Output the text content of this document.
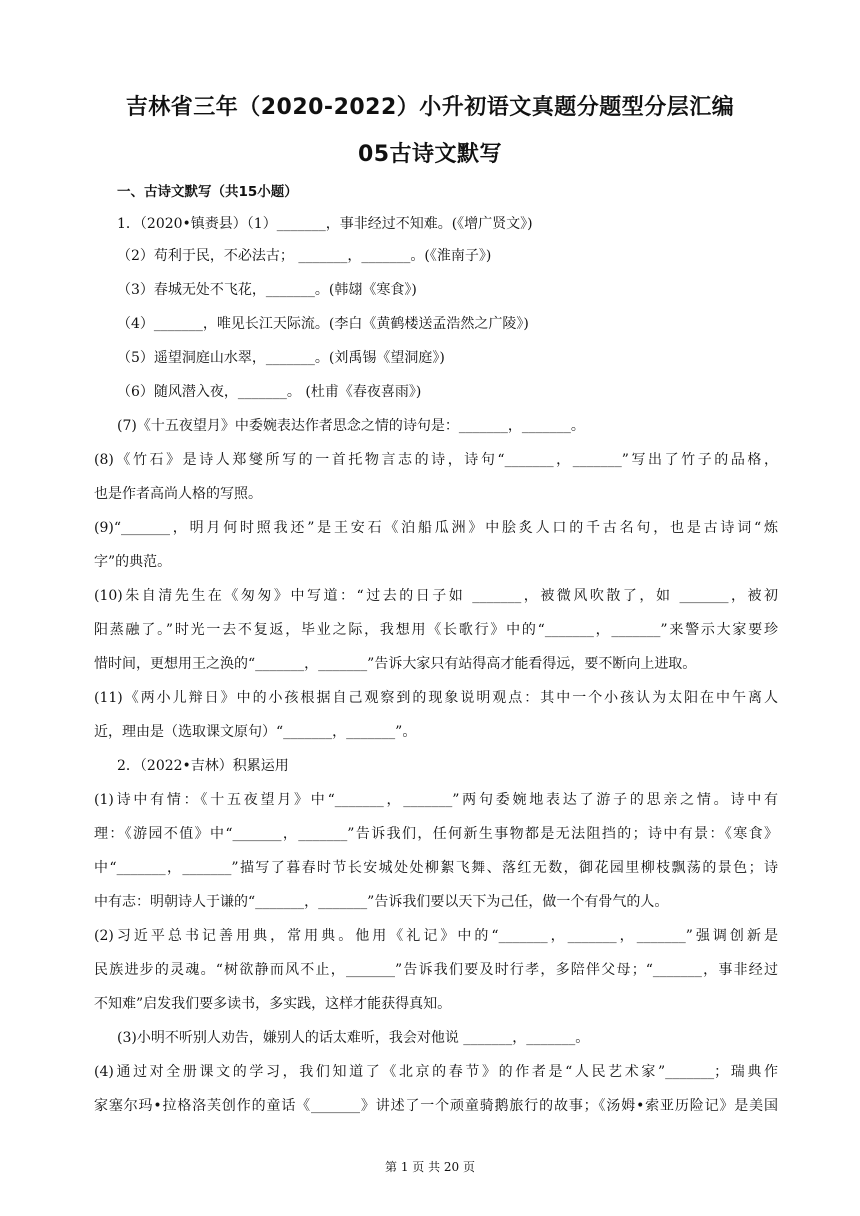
吉林省三年（2020-2022）小升初语文真题分题型分层汇编
05古诗文默写
一、古诗文默写（共15小题）
1．（2020•镇赉县）（1）_______，事非经过不知难。(《增广贤文》)
（2）苟利于民，不必法古； _______，_______。(《淮南子》)
（3）春城无处不飞花，_______。(韩翃《寒食》)
（4）_______，唯见长江天际流。(李白《黄鹤楼送孟浩然之广陵》)
（5）遥望洞庭山水翠，_______。(刘禹锡《望洞庭》)
（6）随风潜入夜，_______。 (杜甫《春夜喜雨》)
(7)《十五夜望月》中委婉表达作者思念之情的诗句是：_______，_______。
(8)《竹石》是诗人郑燮所写的一首托物言志的诗，诗句“_______，_______”写出了竹子的品格，
也是作者高尚人格的写照。
(9)“_______，明月何时照我还”是王安石《泊船瓜洲》中脍炙人口的千古名句，也是古诗词“炼
字”的典范。
(10)朱自清先生在《匆匆》中写道：“过去的日子如 _______，被微风吹散了，如 _______，被初
阳蒸融了。”时光一去不复返，毕业之际，我想用《长歌行》中的“_______，_______”来警示大家要珍
惜时间，更想用王之涣的“_______，_______”告诉大家只有站得高才能看得远，要不断向上进取。
(11)《两小儿辩日》中的小孩根据自己观察到的现象说明观点：其中一个小孩认为太阳在中午离人
近，理由是（选取课文原句）“_______，_______”。
2．（2022•吉林）积累运用
(1)诗中有情：《十五夜望月》中“_______，_______”两句委婉地表达了游子的思亲之情。诗中有
理：《游园不值》中“_______，_______”告诉我们，任何新生事物都是无法阻挡的；诗中有景：《寒食》
中“_______，_______”描写了暮春时节长安城处处柳絮飞舞、落红无数，御花园里柳枝飘荡的景色；诗
中有志：明朝诗人于谦的“_______，_______”告诉我们要以天下为己任，做一个有骨气的人。
(2)习近平总书记善用典，常用典。他用《礼记》中的“_______，_______，_______”强调创新是
民族进步的灵魂。“树欲静而风不止，_______”告诉我们要及时行孝，多陪伴父母；“_______，事非经过
不知难”启发我们要多读书，多实践，这样才能获得真知。
(3)小明不听别人劝告，嫌别人的话太难听，我会对他说 _______，_______。
(4)通过对全册课文的学习，我们知道了《北京的春节》的作者是“人民艺术家”_______；瑞典作
家塞尔玛•拉格洛芙创作的童话《_______》讲述了一个顽童骑鹅旅行的故事；《汤姆•索亚历险记》是美国
第 1 页 共 20 页
